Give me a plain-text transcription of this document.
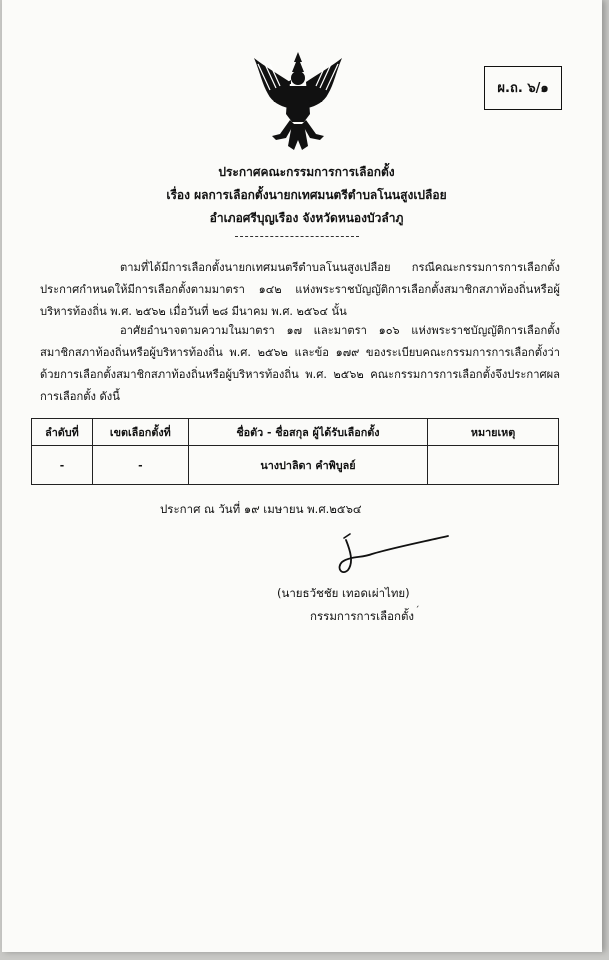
ผ.ถ. ๖/๑
ประกาศคณะกรรมการการเลือกตั้ง
เรื่อง ผลการเลือกตั้งนายกเทศมนตรีตำบลโนนสูงเปลือย
อำเภอศรีบุญเรือง จังหวัดหนองบัวลำภู

ตามที่ได้มีการเลือกตั้งนายกเทศมนตรีตำบลโนนสูงเปลือย กรณีคณะกรรมการการเลือกตั้ง ประกาศกำหนดให้มีการเลือกตั้งตามมาตรา ๑๔๒ แห่งพระราชบัญญัติการเลือกตั้งสมาชิกสภาท้องถิ่นหรือผู้บริหารท้องถิ่น พ.ศ. ๒๕๖๒ เมื่อวันที่ ๒๘ มีนาคม พ.ศ. ๒๕๖๔ นั้น

อาศัยอำนาจตามความในมาตรา ๑๗ และมาตรา ๑๐๖ แห่งพระราชบัญญัติการเลือกตั้งสมาชิกสภาท้องถิ่นหรือผู้บริหารท้องถิ่น พ.ศ. ๒๕๖๒ และข้อ ๑๗๙ ของระเบียบคณะกรรมการการเลือกตั้งว่าด้วยการเลือกตั้งสมาชิกสภาท้องถิ่นหรือผู้บริหารท้องถิ่น พ.ศ. ๒๕๖๒ คณะกรรมการการเลือกตั้งจึงประกาศผลการเลือกตั้ง ดังนี้

ลำดับที่	เขตเลือกตั้งที่	ชื่อตัว - ชื่อสกุล ผู้ได้รับเลือกตั้ง	หมายเหตุ
-	-	นางปาลิดา คำพิบูลย์	
ประกาศ ณ วันที่ ๑๙ เมษายน พ.ศ.๒๕๖๔
(นายธวัชชัย เทอดเผ่าไทย)
กรรมการการเลือกตั้ง ˊ
